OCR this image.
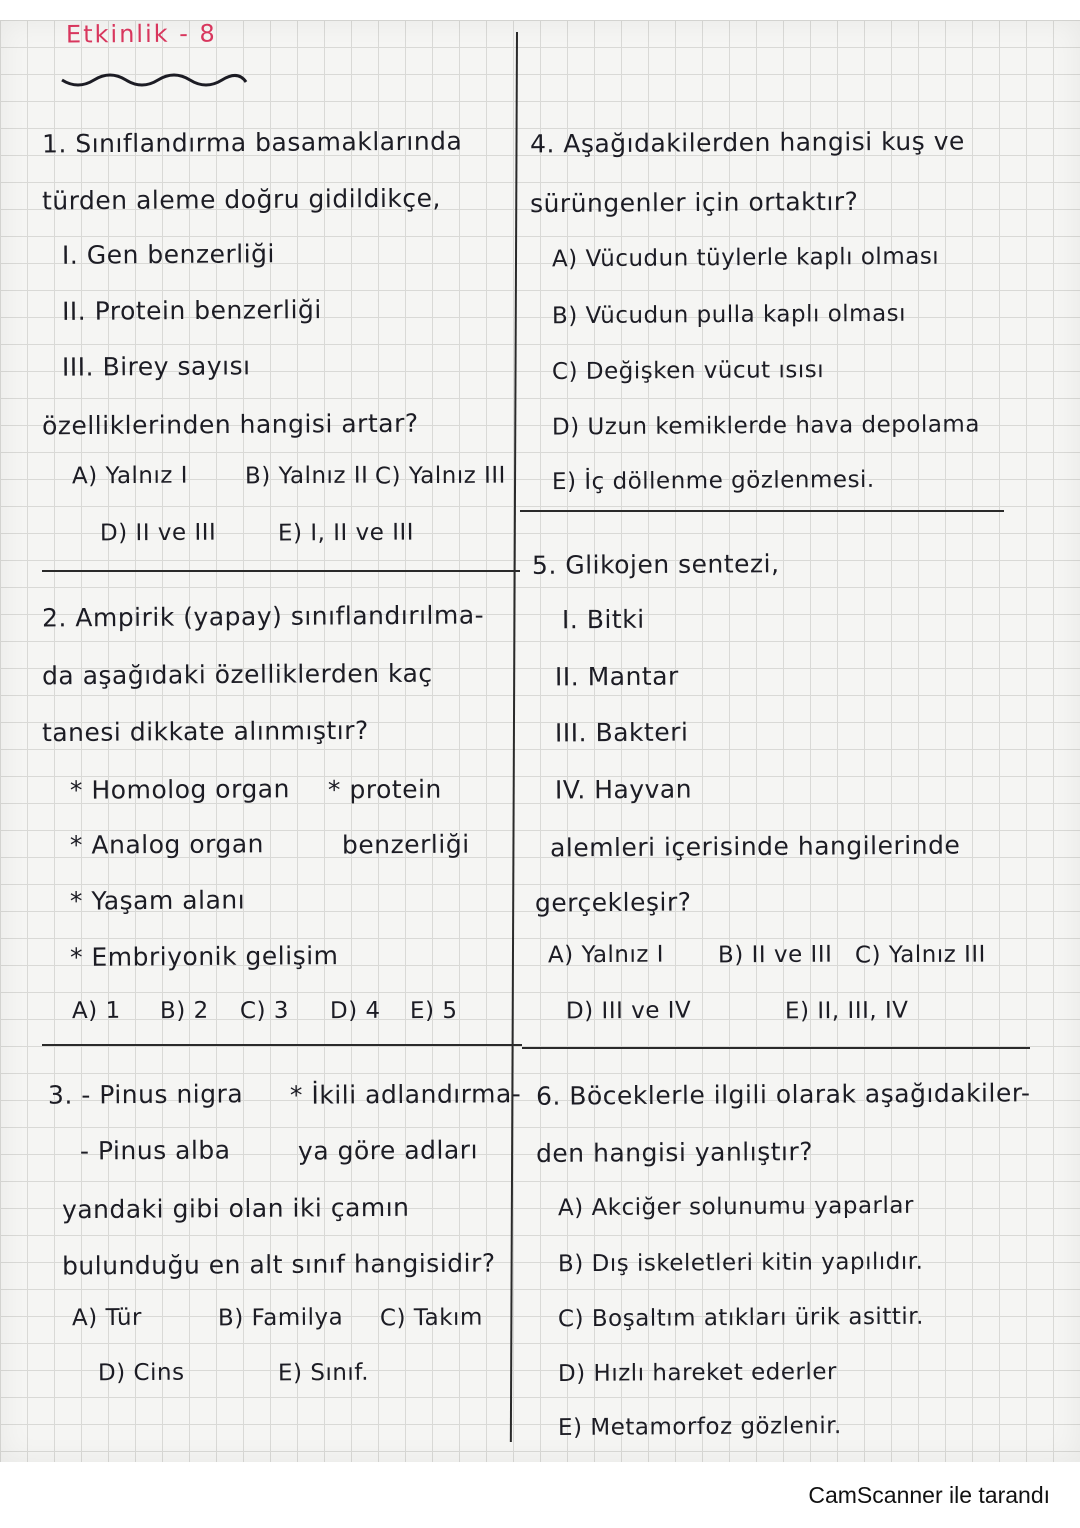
Etkinlik - 8
1. Sınıflandırma basamaklarında
türden aleme doğru gidildikçe,
I. Gen benzerliği
II. Protein benzerliği
III. Birey sayısı
özelliklerinden hangisi artar?
A) Yalnız I B) Yalnız II C) Yalnız III
D) II ve III	E) I, II ve III
2. Ampirik (yapay) sınıflandırılma-
da aşağıdaki özelliklerden kaç
tanesi dikkate alınmıştır?
* Homolog organ * protein
* Analog organ	benzerliği
* Yaşam alanı
* Embriyonik gelişim
A) 1 B) 2 C) 3 D) 4 E) 5
3. - Pinus nigra * İkili adlandırma-
- Pinus alba	ya göre adları
yandaki gibi olan iki çamın
bulunduğu en alt sınıf hangisidir?
A) Tür	B) Familya C) Takım
D) Cins	E) Sınıf.
4. Aşağıdakilerden hangisi kuş ve
sürüngenler için ortaktır?
A) Vücudun tüylerle kaplı olması
B) Vücudun pulla kaplı olması
C) Değişken vücut ısısı
D) Uzun kemiklerde hava depolama
E) İç döllenme gözlenmesi.
5. Glikojen sentezi,
I. Bitki
II. Mantar
III. Bakteri
IV. Hayvan
alemleri içerisinde hangilerinde
gerçekleşir?
A) Yalnız I B) II ve III C) Yalnız III
D) III ve IV	E) II, III, IV
6. Böceklerle ilgili olarak aşağıdakiler-
den hangisi yanlıştır?
A) Akciğer solunumu yaparlar
B) Dış iskeletleri kitin yapılıdır.
C) Boşaltım atıkları ürik asittir.
D) Hızlı hareket ederler
E) Metamorfoz gözlenir.
CamScanner ile tarandı
